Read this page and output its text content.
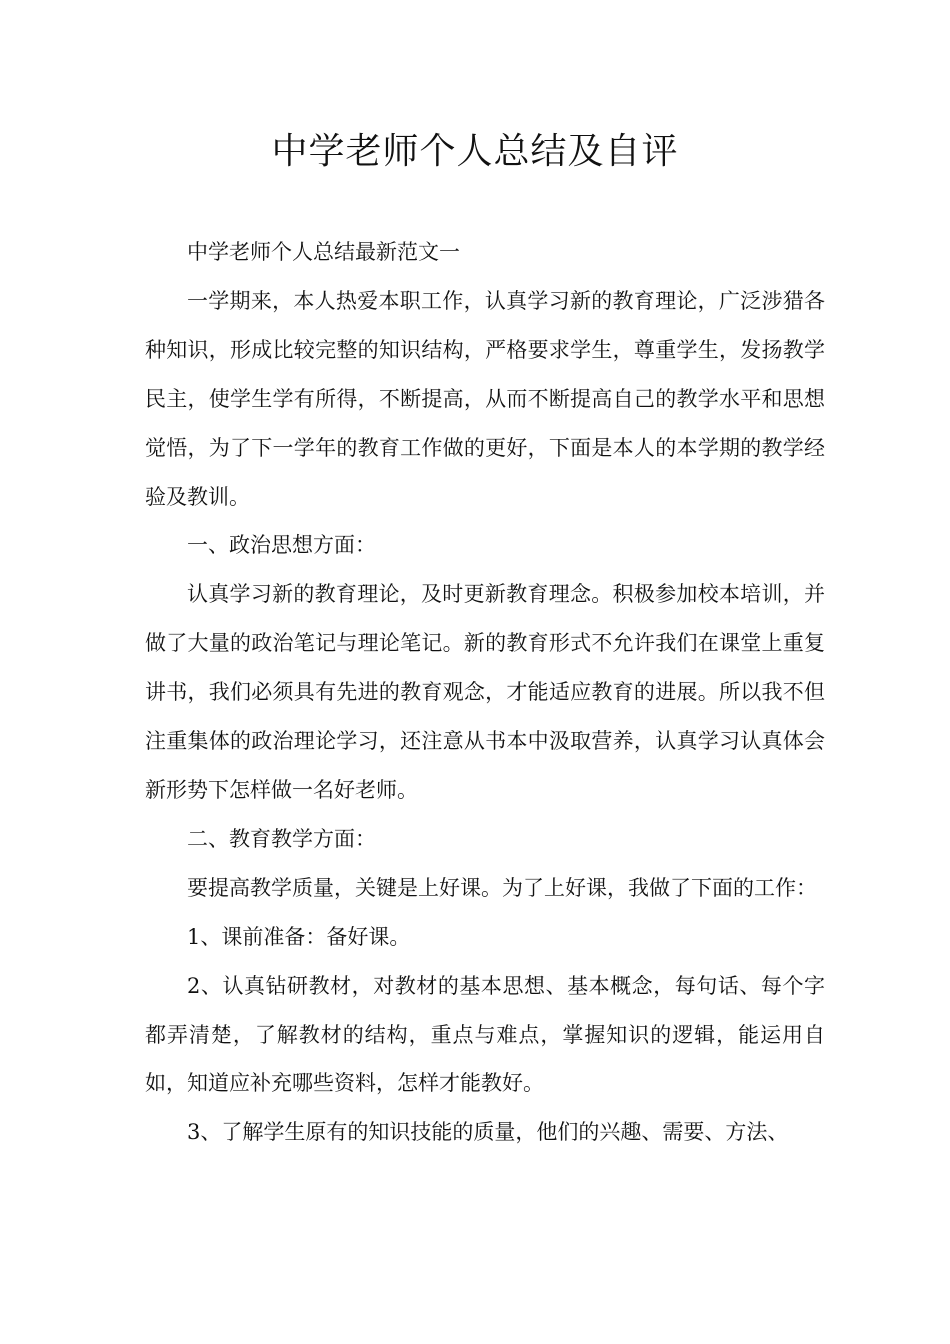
中学老师个人总结及自评

中学老师个人总结最新范文一

一学期来，本人热爱本职工作，认真学习新的教育理论，广泛涉猎各种知识，形成比较完整的知识结构，严格要求学生，尊重学生，发扬教学民主，使学生学有所得，不断提高，从而不断提高自己的教学水平和思想觉悟，为了下一学年的教育工作做的更好，下面是本人的本学期的教学经验及教训。

一、政治思想方面：

认真学习新的教育理论，及时更新教育理念。积极参加校本培训，并做了大量的政治笔记与理论笔记。新的教育形式不允许我们在课堂上重复讲书，我们必须具有先进的教育观念，才能适应教育的进展。所以我不但注重集体的政治理论学习，还注意从书本中汲取营养，认真学习认真体会新形势下怎样做一名好老师。

二、教育教学方面：

要提高教学质量，关键是上好课。为了上好课，我做了下面的工作：

1、课前准备：备好课。

2、认真钻研教材，对教材的基本思想、基本概念，每句话、每个字都弄清楚，了解教材的结构，重点与难点，掌握知识的逻辑，能运用自如，知道应补充哪些资料，怎样才能教好。

3、了解学生原有的知识技能的质量，他们的兴趣、需要、方法、
